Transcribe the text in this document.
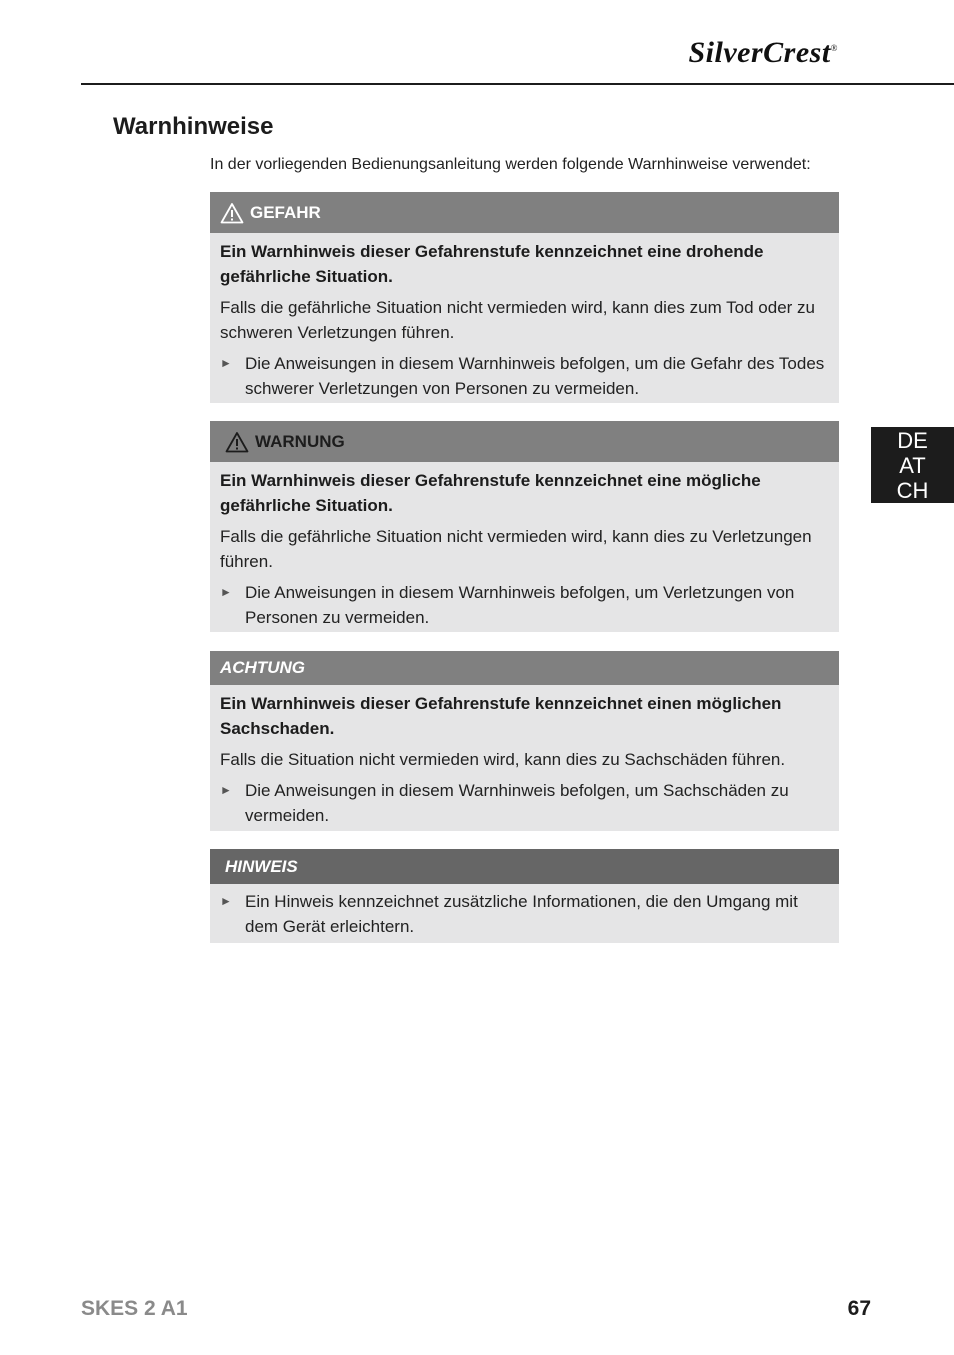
SilverCrest®
Warnhinweise
In der vorliegenden Bedienungsanleitung werden folgende Warnhinweise verwendet:
GEFAHR

Ein Warnhinweis dieser Gefahrenstufe kennzeichnet eine drohende gefährliche Situation.

Falls die gefährliche Situation nicht vermieden wird, kann dies zum Tod oder zu schweren Verletzungen führen.

► Die Anweisungen in diesem Warnhinweis befolgen, um die Gefahr des Todes schwerer Verletzungen von Personen zu vermeiden.
WARNUNG

Ein Warnhinweis dieser Gefahrenstufe kennzeichnet eine mögliche gefährliche Situation.

Falls die gefährliche Situation nicht vermieden wird, kann dies zu Verletzungen führen.

► Die Anweisungen in diesem Warnhinweis befolgen, um Verletzungen von Personen zu vermeiden.
ACHTUNG

Ein Warnhinweis dieser Gefahrenstufe kennzeichnet einen möglichen Sachschaden.

Falls die Situation nicht vermieden wird, kann dies zu Sachschäden führen.

► Die Anweisungen in diesem Warnhinweis befolgen, um Sachschäden zu vermeiden.
HINWEIS
► Ein Hinweis kennzeichnet zusätzliche Informationen, die den Umgang mit dem Gerät erleichtern.
DE
AT
CH
SKES 2 A1	67
